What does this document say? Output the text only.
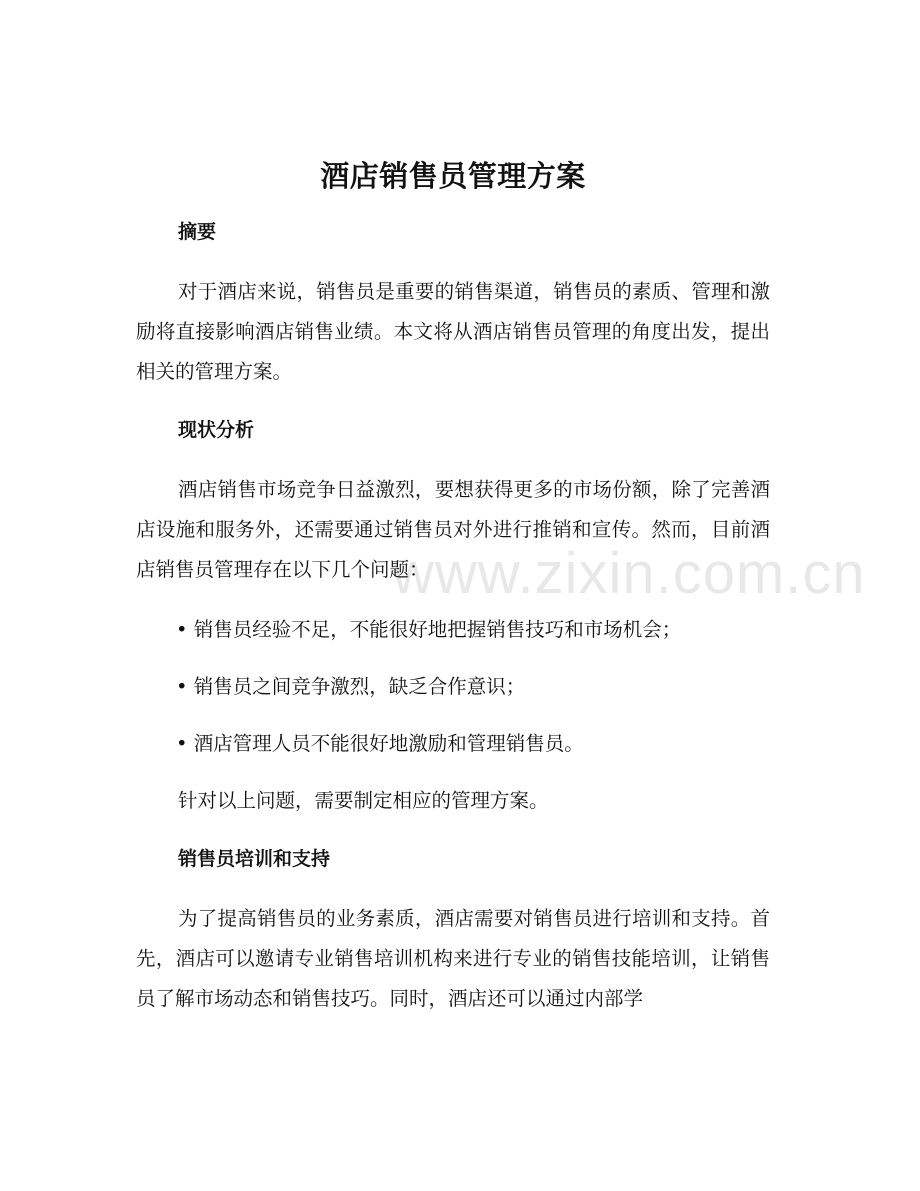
酒店销售员管理方案
摘要

对于酒店来说，销售员是重要的销售渠道，销售员的素质、管理和激励将直接影响酒店销售业绩。本文将从酒店销售员管理的角度出发，提出相关的管理方案。

现状分析

酒店销售市场竞争日益激烈，要想获得更多的市场份额，除了完善酒店设施和服务外，还需要通过销售员对外进行推销和宣传。然而，目前酒店销售员管理存在以下几个问题：

• 销售员经验不足，不能很好地把握销售技巧和市场机会；
• 销售员之间竞争激烈，缺乏合作意识；
• 酒店管理人员不能很好地激励和管理销售员。

针对以上问题，需要制定相应的管理方案。

销售员培训和支持

为了提高销售员的业务素质，酒店需要对销售员进行培训和支持。首先，酒店可以邀请专业销售培训机构来进行专业的销售技能培训，让销售员了解市场动态和销售技巧。同时，酒店还可以通过内部学

www.zixin.com.cn
